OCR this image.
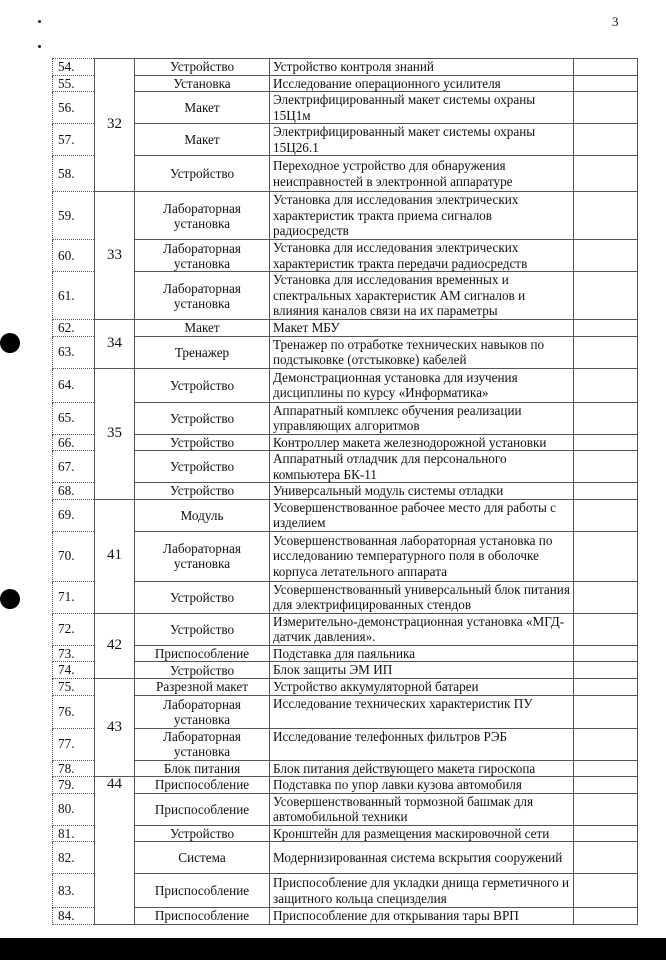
3
54.	32	Устройство	Устройство контроля знаний	
55.		Установка	Исследование операционного усилителя	
56.		Макет	Электрифицированный макет системы охраны 15Ц1м	
57.		Макет	Электрифицированный макет системы охраны 15Ц26.1	
58.		Устройство	Переходное устройство для обнаружения неисправностей в электронной аппаратуре	
59.	33	Лабораторная установка	Установка для исследования электрических характеристик тракта приема сигналов радиосредств	
60.		Лабораторная установка	Установка для исследования электрических характеристик тракта передачи радиосредств	
61.		Лабораторная установка	Установка для исследования временных и спектральных характеристик АМ сигналов и влияния каналов связи на их параметры	
62.	34	Макет	Макет МБУ	
63.		Тренажер	Тренажер по отработке технических навыков по подстыковке (отстыковке) кабелей	
64.	35	Устройство	Демонстрационная установка для изучения дисциплины по курсу «Информатика»	
65.		Устройство	Аппаратный комплекс обучения реализации управляющих алгоритмов	
66.		Устройство	Контроллер макета железнодорожной установки	
67.		Устройство	Аппаратный отладчик для персонального компьютера БК-11	
68.		Устройство	Универсальный модуль системы отладки	
69.	41	Модуль	Усовершенствованное рабочее место для работы с изделием	
70.		Лабораторная установка	Усовершенствованная лабораторная установка по исследованию температурного поля в оболочке корпуса летательного аппарата	
71.		Устройство	Усовершенствованный универсальный блок питания для электрифицированных стендов	
72.	42	Устройство	Измерительно-демонстрационная установка «МГД-датчик давления».	
73.		Приспособление	Подставка для паяльника	
74.		Устройство	Блок защиты ЭМ ИП	
75.	43	Разрезной макет	Устройство аккумуляторной батареи	
76.		Лабораторная установка	Исследование технических характеристик ПУ	
77.		Лабораторная установка	Исследование телефонных фильтров РЭБ	
78.		Блок питания	Блок питания действующего макета гироскопа	
79.	44	Приспособление	Подставка по упор лавки кузова автомобиля	
80.		Приспособление	Усовершенствованный тормозной башмак для автомобильной техники	
81.		Устройство	Кронштейн для размещения маскировочной сети	
82.		Система	Модернизированная система вскрытия сооружений	
83.		Приспособление	Приспособление для укладки днища герметичного и защитного кольца специзделия	
84.		Приспособление	Приспособление для открывания тары ВРП	
